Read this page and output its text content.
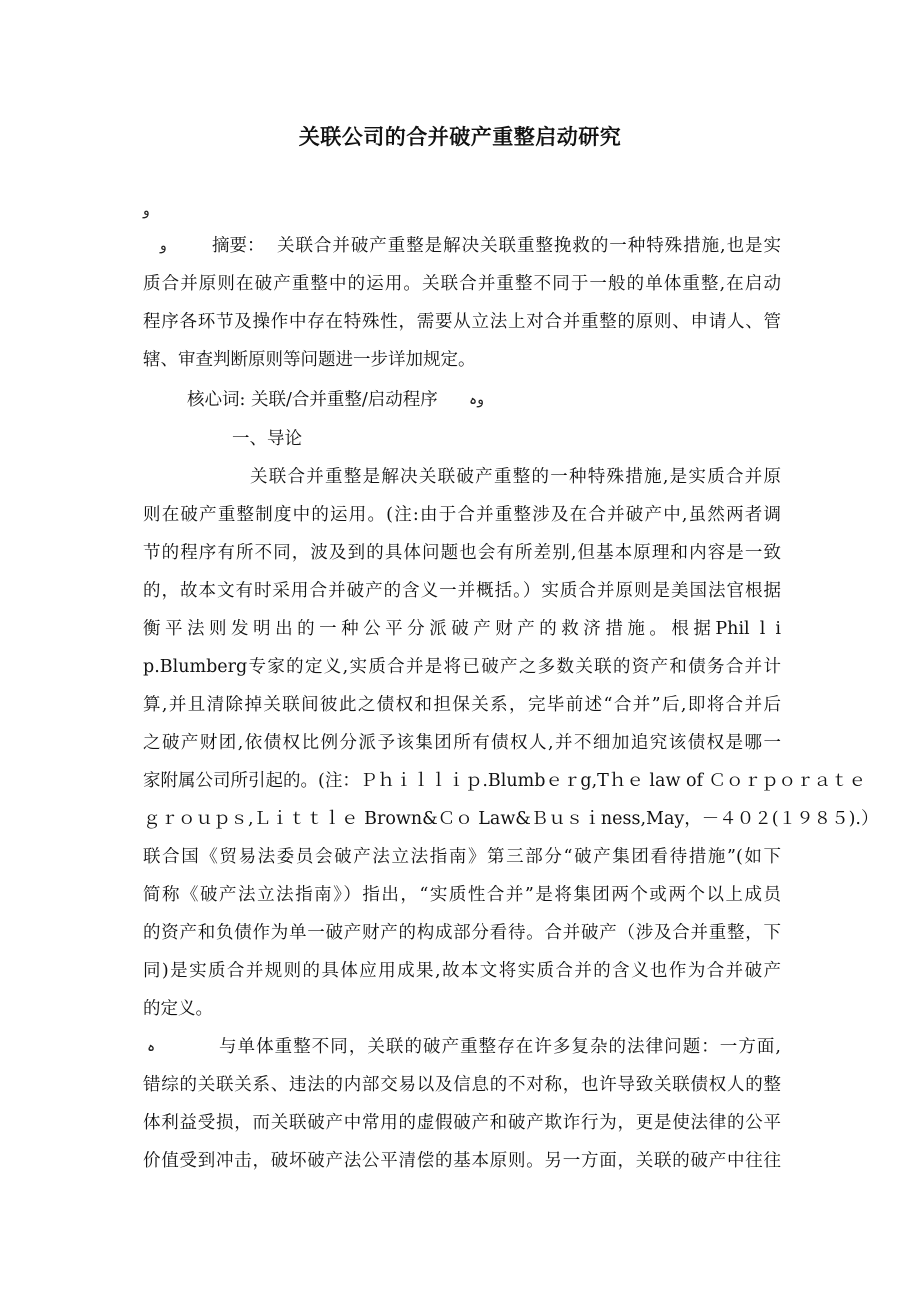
关联公司的合并破产重整启动研究
و
و	摘要： 关联合并破产重整是解决关联重整挽救的一种特殊措施,也是实
质合并原则在破产重整中的运用。关联合并重整不同于一般的单体重整,在启动
程序各环节及操作中存在特殊性，需要从立法上对合并重整的原则、申请人、管
辖、审查判断原则等问题进一步详加规定。
核心词: 关联/合并重整/启动程序 وہ
一、导论
关联合并重整是解决关联破产重整的一种特殊措施,是实质合并原
则在破产重整制度中的运用。(注:由于合并重整涉及在合并破产中,虽然两者调
节的程序有所不同，波及到的具体问题也会有所差别,但基本原理和内容是一致
的，故本文有时采用合并破产的含义一并概括。）实质合并原则是美国法官根据
衡平法则发明出的一种公平分派破产财产的救济措施。根据Phil l i
p.Blumberg专家的定义,实质合并是将已破产之多数关联的资产和债务合并计
算,并且清除掉关联间彼此之债权和担保关系，完毕前述“合并”后,即将合并后
之破产财团,依债权比例分派予该集团所有债权人,并不细加追究该债权是哪一
家附属公司所引起的。(注：Ｐｈｉｌｌｉｐ.Blumbｅｒg,Tｈｅ law of Ｃｏｒｐｏｒａｔｅ
ｇｒｏｕｐｓ,Ｌｉｔｔｌｅ Brown&Ｃｏ Law&Ｂｕｓｉness,May，－４０２(１９８５).）
联合国《贸易法委员会破产法立法指南》第三部分“破产集团看待措施”(如下
简称《破产法立法指南》）指出，“实质性合并”是将集团两个或两个以上成员
的资产和负债作为单一破产财产的构成部分看待。合并破产（涉及合并重整，下
同)是实质合并规则的具体应用成果,故本文将实质合并的含义也作为合并破产
的定义。
ہ	与单体重整不同，关联的破产重整存在许多复杂的法律问题：一方面,
错综的关联关系、违法的内部交易以及信息的不对称，也许导致关联债权人的整
体利益受损，而关联破产中常用的虚假破产和破产欺诈行为，更是使法律的公平
价值受到冲击，破坏破产法公平清偿的基本原则。另一方面，关联的破产中往往
